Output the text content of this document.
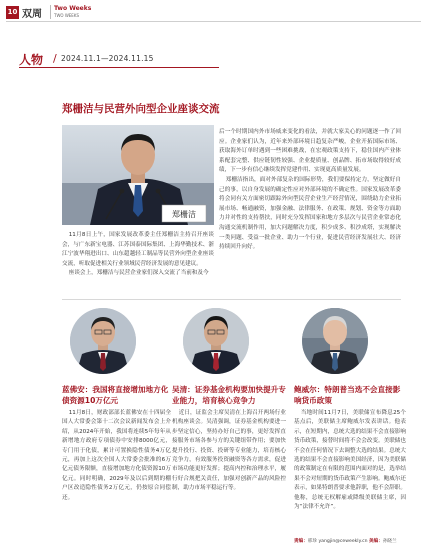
10 双周
Two Weeks
TWO WEEKS
人物 / 2024.11.1—2024.11.15
郑栅洁与民营外向型企业座谈交流
郑栅洁

11月8日上午，国家发展改革委主任郑栅洁主持召开座谈会，与广东新宝电器、江苏国泰国际集团、上海华勤技术、浙江宁波华翔进出口、山东超越轻工制品等民营外向型企业座谈交流，听取促进相关行业领域民营经济发展的意见建议。

座谈会上，郑栅洁与民营企业家们深入交流了当前和及今

后一个时期国内外市场威来变化的看法，并就大家关心的问题逐一作了回应。企业家们认为，近年来外部环境日趋复杂严峻，企业开拓国际市场、获取海外订单时遇到一些困难挑战，在宏观政策支持下，稳住国内产业体系配套完整、供应链韧性较强、企业提质量、创品牌、拓市场取得较好成绩，下一步有信心继续发挥党建作用、实现更高质量发展。

郑栅洁指出，面对外部复杂的国际形势，我们要保持定力，坚定做好自己的事，以自身发展的确定性应对外部环境的不确定性。国家发展改革委将会同有关方面密切跟踪外向型民营企业生产经营情况，围绕助力企业拓展市场、畅通融资，加强金融、法律服务、在政策、规划、资金等方面助力并对性的支持帮扶，同时充分发挥国家和地方多层次与民营企业常态化沟通交流机制作用，加大问题解决力度，积少成多、积沙成塔，实现解决一类问题、受益一批企业、助力一个行业，促进民营经济发展壮大、经济持续回升向好。

蓝佛安：我国将直接增加地方化债资源10万亿元
吴清：证券基金机构要加快提升专业能力，培育核心竞争力
鲍威尔：特朗普当选不会直接影响货币政策

11月8日，财政部部长蓝佛安在十四届全国人大常委会第十二次会议新闻发布会上介绍，从2024年开始，我国将连续5年每年从新增地方政府专项债券中安排8000亿元，专门用于化债，累计可置换隐性债务4万亿元，再加上这次全国人大常委会批准的6万亿元债务限额，直接增加地方化债资源10万亿元。同时明确，2029年及以后到期的棚户区改造隐性债务2万亿元，仍按原合同偿还。

近日，证监会主席吴清在上海召开两场行业机构座谈会。吴清强调，证券基金机构要进一步坚定信心，坚持办好自己的事，更好发挥直接服务市场各参与方的关键组带作用；要加快提升投行、投资、投研等专业能力，培育核心竞争力，有效服务投资融资等各方需求，促进市场功能更好发挥；提高内控和治理水平，履行好合规把关责任，加强对创新产品的风险控制，助力市场平稳运行等。

当地时间11月7日，美联储宣布降息25个基点后，美联储主席鲍威尔发表讲话。他表示，在短期内，总统大选的结果不会直接影响货币政策，接替时间将不会会改变。美联储也不会在任何情况下去调整大选的结果。总统大选的结果不会直接影响美国经济，因为美联储的政策制定在有限的范围内面对的是，选举结果不会对短期的货币政策产生影响。鲍威尔还表示，如果特朗普要求他辞职，他不会辞职。他称，总统无权解雇或降级美联储主席，因为“法律不允许”。

责编：邢珍 yangjin@ceweekly.cn 美编：孙晓兰
